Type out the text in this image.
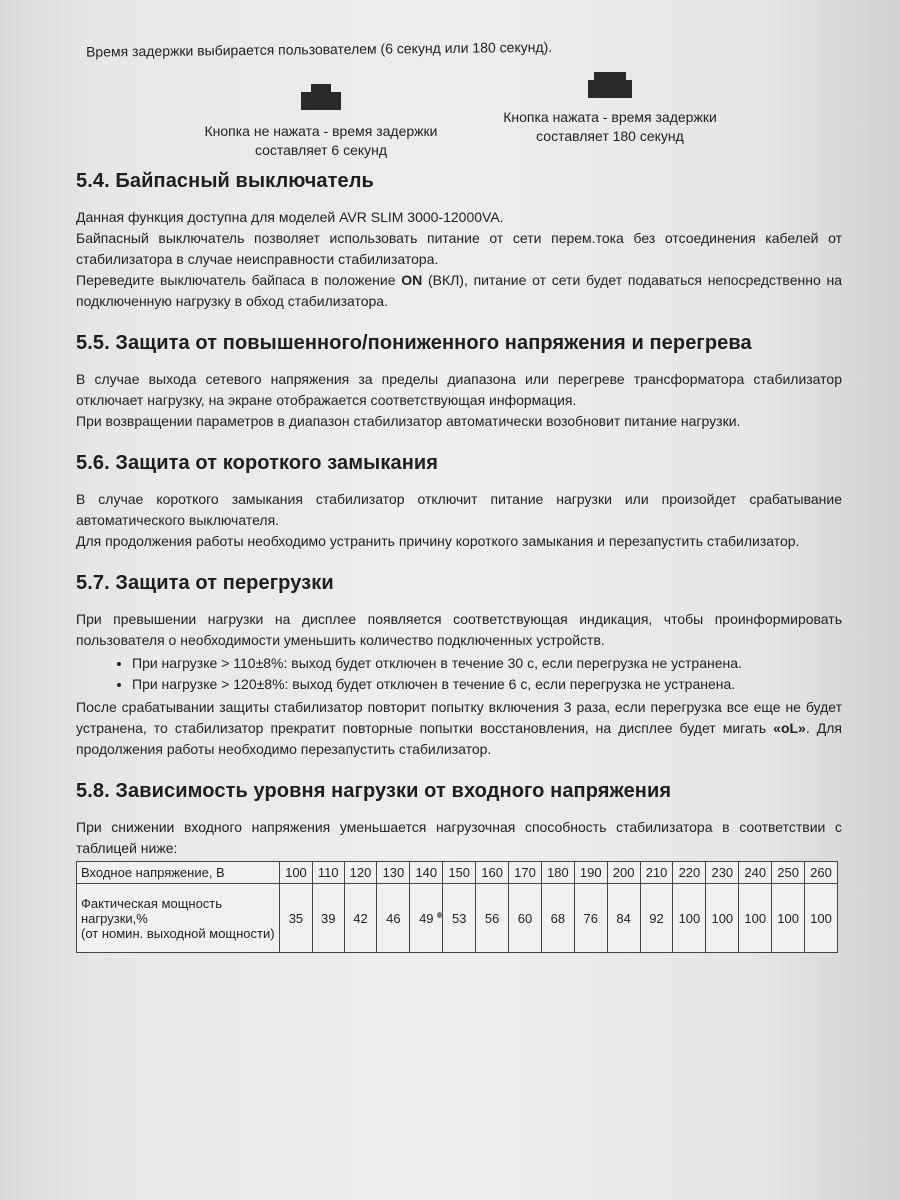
Время задержки выбирается пользователем (6 секунд или 180 секунд).
Кнопка не нажата - время задержки
составляет 6 секунд
Кнопка нажата - время задержки
составляет 180 секунд
5.4. Байпасный выключатель

Данная функция доступна для моделей AVR SLIM 3000-12000VA.

Байпасный выключатель позволяет использовать питание от сети перем.тока без отсоединения кабелей от стабилизатора в случае неисправности стабилизатора.

Переведите выключатель байпаса в положение ON (ВКЛ), питание от сети будет подаваться непосредственно на подключенную нагрузку в обход стабилизатора.

5.5. Защита от повышенного/пониженного напряжения и перегрева

В случае выхода сетевого напряжения за пределы диапазона или перегреве трансформатора стабилизатор отключает нагрузку, на экране отображается соответствующая информация.

При возвращении параметров в диапазон стабилизатор автоматически возобновит питание нагрузки.

5.6. Защита от короткого замыкания

В случае короткого замыкания стабилизатор отключит питание нагрузки или произойдет срабатывание автоматического выключателя.

Для продолжения работы необходимо устранить причину короткого замыкания и перезапустить стабилизатор.

5.7. Защита от перегрузки

При превышении нагрузки на дисплее появляется соответствующая индикация, чтобы проинформировать пользователя о необходимости уменьшить количество подключенных устройств.

• При нагрузке > 110±8%: выход будет отключен в течение 30 с, если перегрузка не устранена.
• При нагрузке > 120±8%: выход будет отключен в течение 6 с, если перегрузка не устранена.

После срабатывании защиты стабилизатор повторит попытку включения 3 раза, если перегрузка все еще не будет устранена, то стабилизатор прекратит повторные попытки восстановления, на дисплее будет мигать «oL». Для продолжения работы необходимо перезапустить стабилизатор.

5.8. Зависимость уровня нагрузки от входного напряжения

При снижении входного напряжения уменьшается нагрузочная способность стабилизатора в соответствии с таблицей ниже:

Входное напряжение, В	100	110	120	130	140	150	160	170	180	190	200	210	220	230	240	250	260

Фактическая мощность нагрузки,%
(от номин. выходной мощности)	35	39	42	46	49	53	56	60	68	76	84	92	100	100	100	100	100
